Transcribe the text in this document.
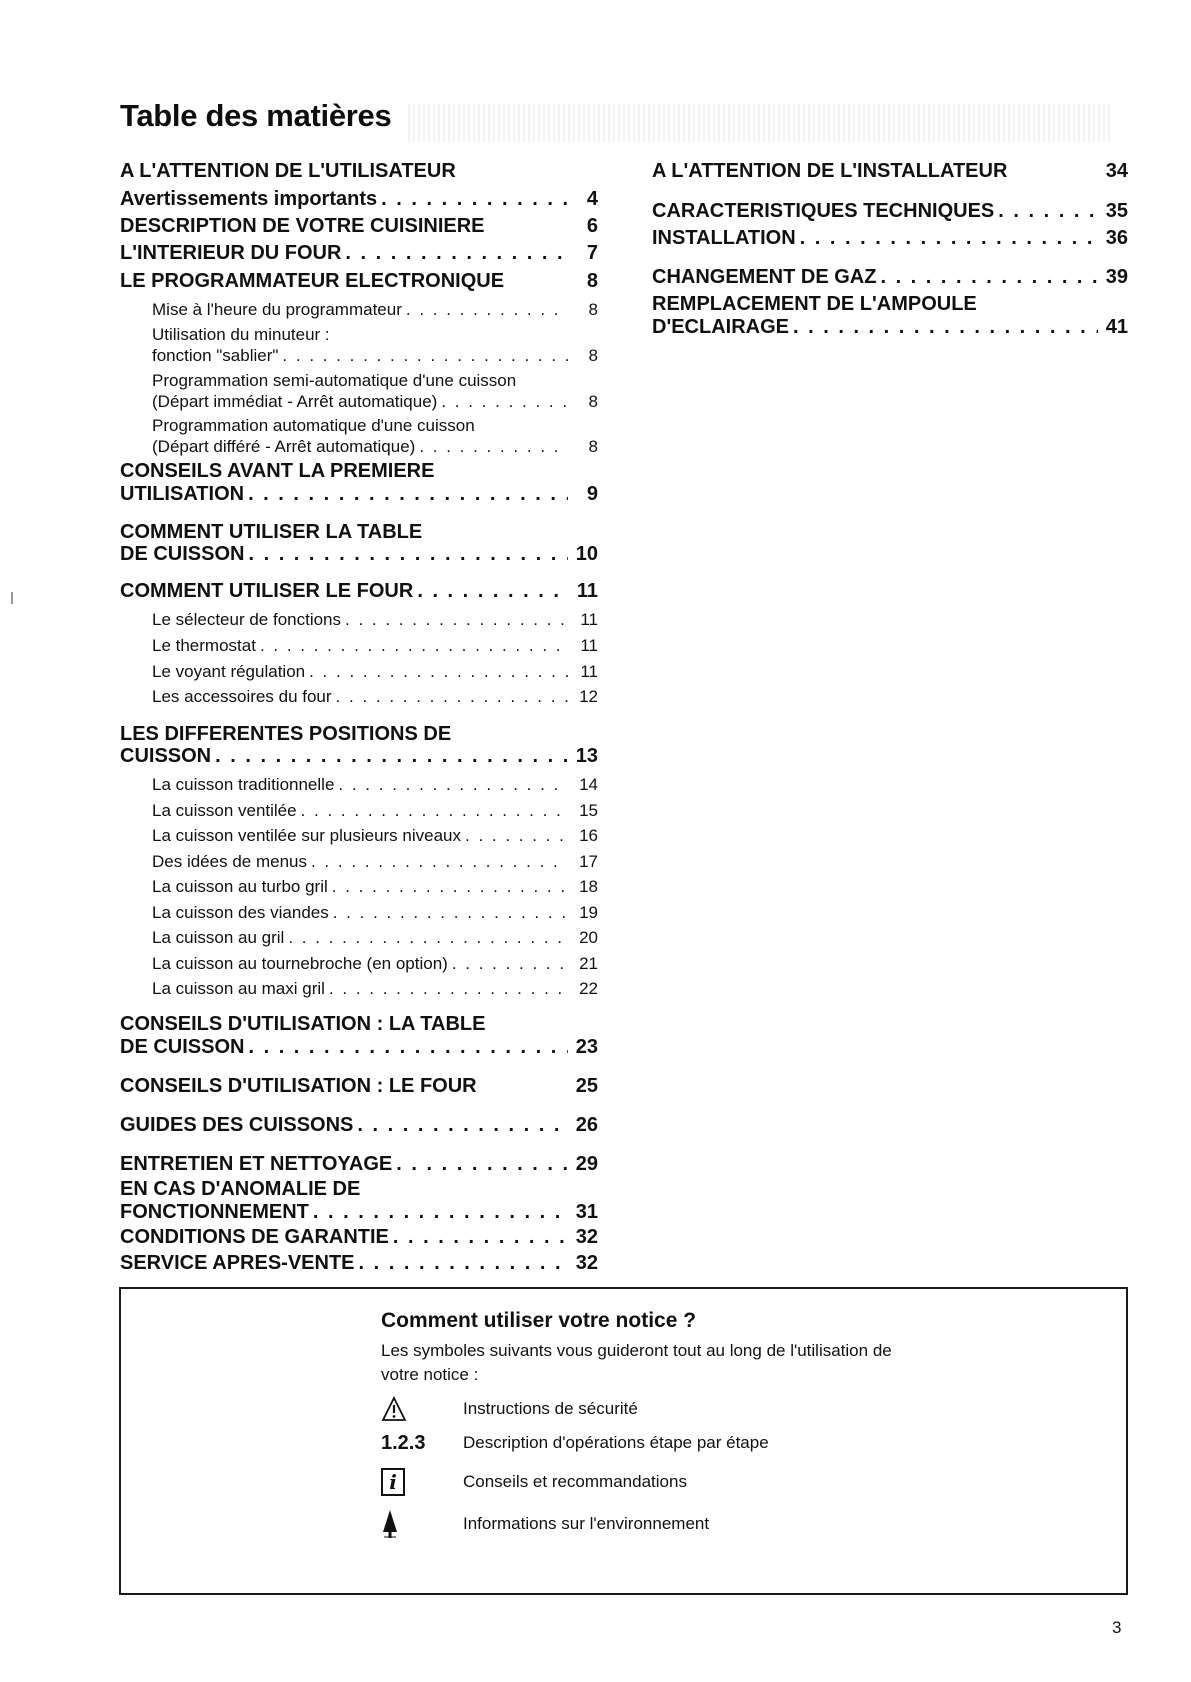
Table des matières
A L'ATTENTION DE L'UTILISATEUR
Avertissements importants . . .	4
DESCRIPTION DE VOTRE CUISINIERE	6
L'INTERIEUR DU FOUR . . .	7
LE PROGRAMMATEUR ELECTRONIQUE	8
Mise à l'heure du programmateur . . .	8
Utilisation du minuteur :
fonction "sablier" . . .	8
Programmation semi-automatique d'une cuisson
(Départ immédiat - Arrêt automatique) . . .	8
Programmation automatique d'une cuisson
(Départ différé - Arrêt automatique) . . .	8
CONSEILS AVANT LA PREMIERE
UTILISATION . . .	9
COMMENT UTILISER LA TABLE
DE CUISSON . . .	10
COMMENT UTILISER LE FOUR . . .	11
Le sélecteur de fonctions . . .	11
Le thermostat . . .	11
Le voyant régulation . . .	11
Les accessoires du four . . .	12
LES DIFFERENTES POSITIONS DE
CUISSON . . .	13
La cuisson traditionnelle . . .	14
La cuisson ventilée . . .	15
La cuisson ventilée sur plusieurs niveaux . . .	16
Des idées de menus . . .	17
La cuisson au turbo gril . . .	18
La cuisson des viandes . . .	19
La cuisson au gril . . .	20
La cuisson au tournebroche (en option) . . .	21
La cuisson au maxi gril . . .	22
CONSEILS D'UTILISATION : LA TABLE
DE CUISSON . . .	23
CONSEILS D'UTILISATION : LE FOUR	25
GUIDES DES CUISSONS . . .	26
ENTRETIEN ET NETTOYAGE . . .	29
EN CAS D'ANOMALIE DE
FONCTIONNEMENT . . .	31
CONDITIONS DE GARANTIE . . .	32
SERVICE APRES-VENTE . . .	32
A L'ATTENTION DE L'INSTALLATEUR	34
CARACTERISTIQUES TECHNIQUES . . .	35
INSTALLATION . . .	36
CHANGEMENT DE GAZ . . .	39
REMPLACEMENT DE L'AMPOULE
D'ECLAIRAGE . . .	41
Comment utiliser votre notice ?
Les symboles suivants vous guideront tout au long de l'utilisation de votre notice :
Instructions de sécurité
1.2.3	Description d'opérations étape par étape
i	Conseils et recommandations
Informations sur l'environnement
3
